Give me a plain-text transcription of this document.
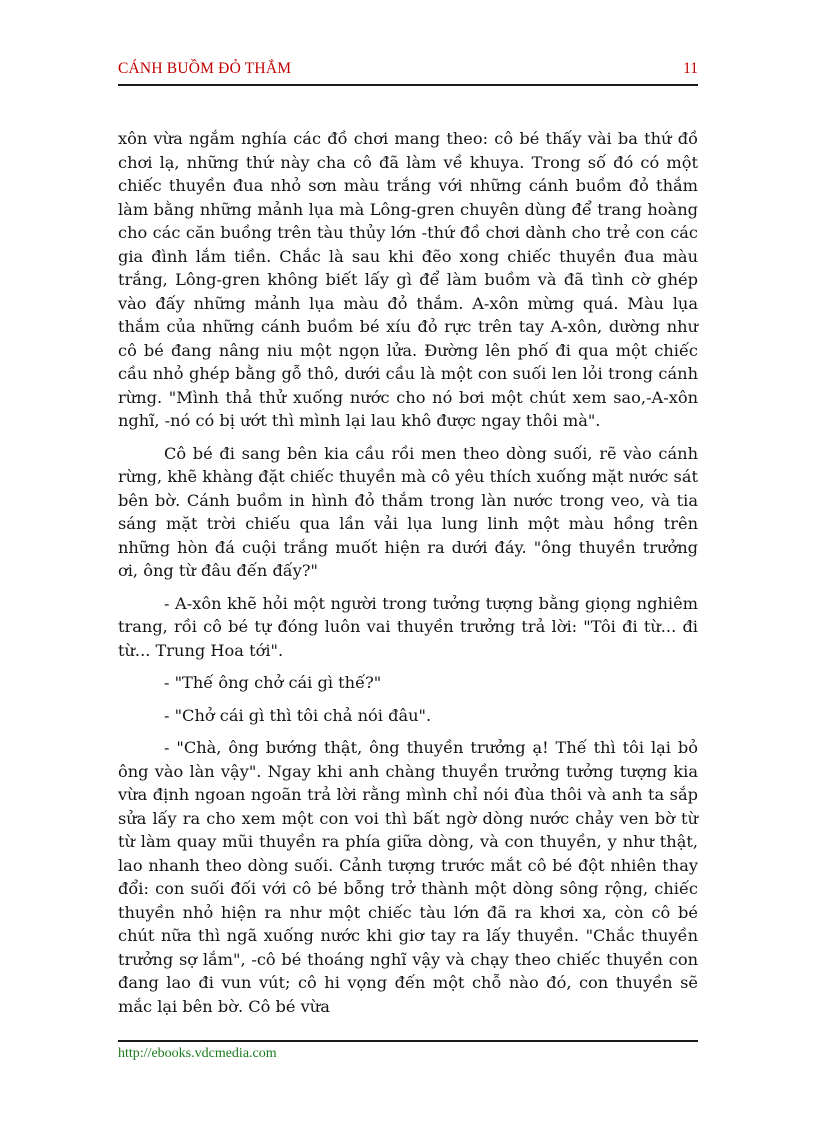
CÁNH BUỒM ĐỎ THẮM	11

xôn vừa ngắm nghía các đồ chơi mang theo: cô bé thấy vài ba thứ đồ chơi lạ, những thứ này cha cô đã làm về khuya. Trong số đó có một chiếc thuyền đua nhỏ sơn màu trắng với những cánh buồm đỏ thắm làm bằng những mảnh lụa mà Lông-gren chuyên dùng để trang hoàng cho các căn buồng trên tàu thủy lớn -thứ đồ chơi dành cho trẻ con các gia đình lắm tiền. Chắc là sau khi đẽo xong chiếc thuyền đua màu trắng, Lông-gren không biết lấy gì để làm buồm và đã tình cờ ghép vào đấy những mảnh lụa màu đỏ thắm. A-xôn mừng quá. Màu lụa thắm của những cánh buồm bé xíu đỏ rực trên tay A-xôn, dường như cô bé đang nâng niu một ngọn lửa. Đường lên phố đi qua một chiếc cầu nhỏ ghép bằng gỗ thô, dưới cầu là một con suối len lỏi trong cánh rừng. "Mình thả thử xuống nước cho nó bơi một chút xem sao,-A-xôn nghĩ, -nó có bị ướt thì mình lại lau khô được ngay thôi mà".

Cô bé đi sang bên kia cầu rồi men theo dòng suối, rẽ vào cánh rừng, khẽ khàng đặt chiếc thuyền mà cô yêu thích xuống mặt nước sát bên bờ. Cánh buồm in hình đỏ thắm trong làn nước trong veo, và tia sáng mặt trời chiếu qua lần vải lụa lung linh một màu hồng trên những hòn đá cuội trắng muốt hiện ra dưới đáy. "ông thuyền trưởng ơi, ông từ đâu đến đấy?"

- A-xôn khẽ hỏi một người trong tưởng tượng bằng giọng nghiêm trang, rồi cô bé tự đóng luôn vai thuyền trưởng trả lời: "Tôi đi từ... đi từ... Trung Hoa tới".

- "Thế ông chở cái gì thế?"

- "Chở cái gì thì tôi chả nói đâu".

- "Chà, ông bướng thật, ông thuyền trưởng ạ! Thế thì tôi lại bỏ ông vào làn vậy". Ngay khi anh chàng thuyền trưởng tưởng tượng kia vừa định ngoan ngoãn trả lời rằng mình chỉ nói đùa thôi và anh ta sắp sửa lấy ra cho xem một con voi thì bất ngờ dòng nước chảy ven bờ từ từ làm quay mũi thuyền ra phía giữa dòng, và con thuyền, y như thật, lao nhanh theo dòng suối. Cảnh tượng trước mắt cô bé đột nhiên thay đổi: con suối đối với cô bé bỗng trở thành một dòng sông rộng, chiếc thuyền nhỏ hiện ra như một chiếc tàu lớn đã ra khơi xa, còn cô bé chút nữa thì ngã xuống nước khi giơ tay ra lấy thuyền. "Chắc thuyền trưởng sợ lắm", -cô bé thoáng nghĩ vậy và chạy theo chiếc thuyền con đang lao đi vun vút; cô hi vọng đến một chỗ nào đó, con thuyền sẽ mắc lại bên bờ. Cô bé vừa

http://ebooks.vdcmedia.com
